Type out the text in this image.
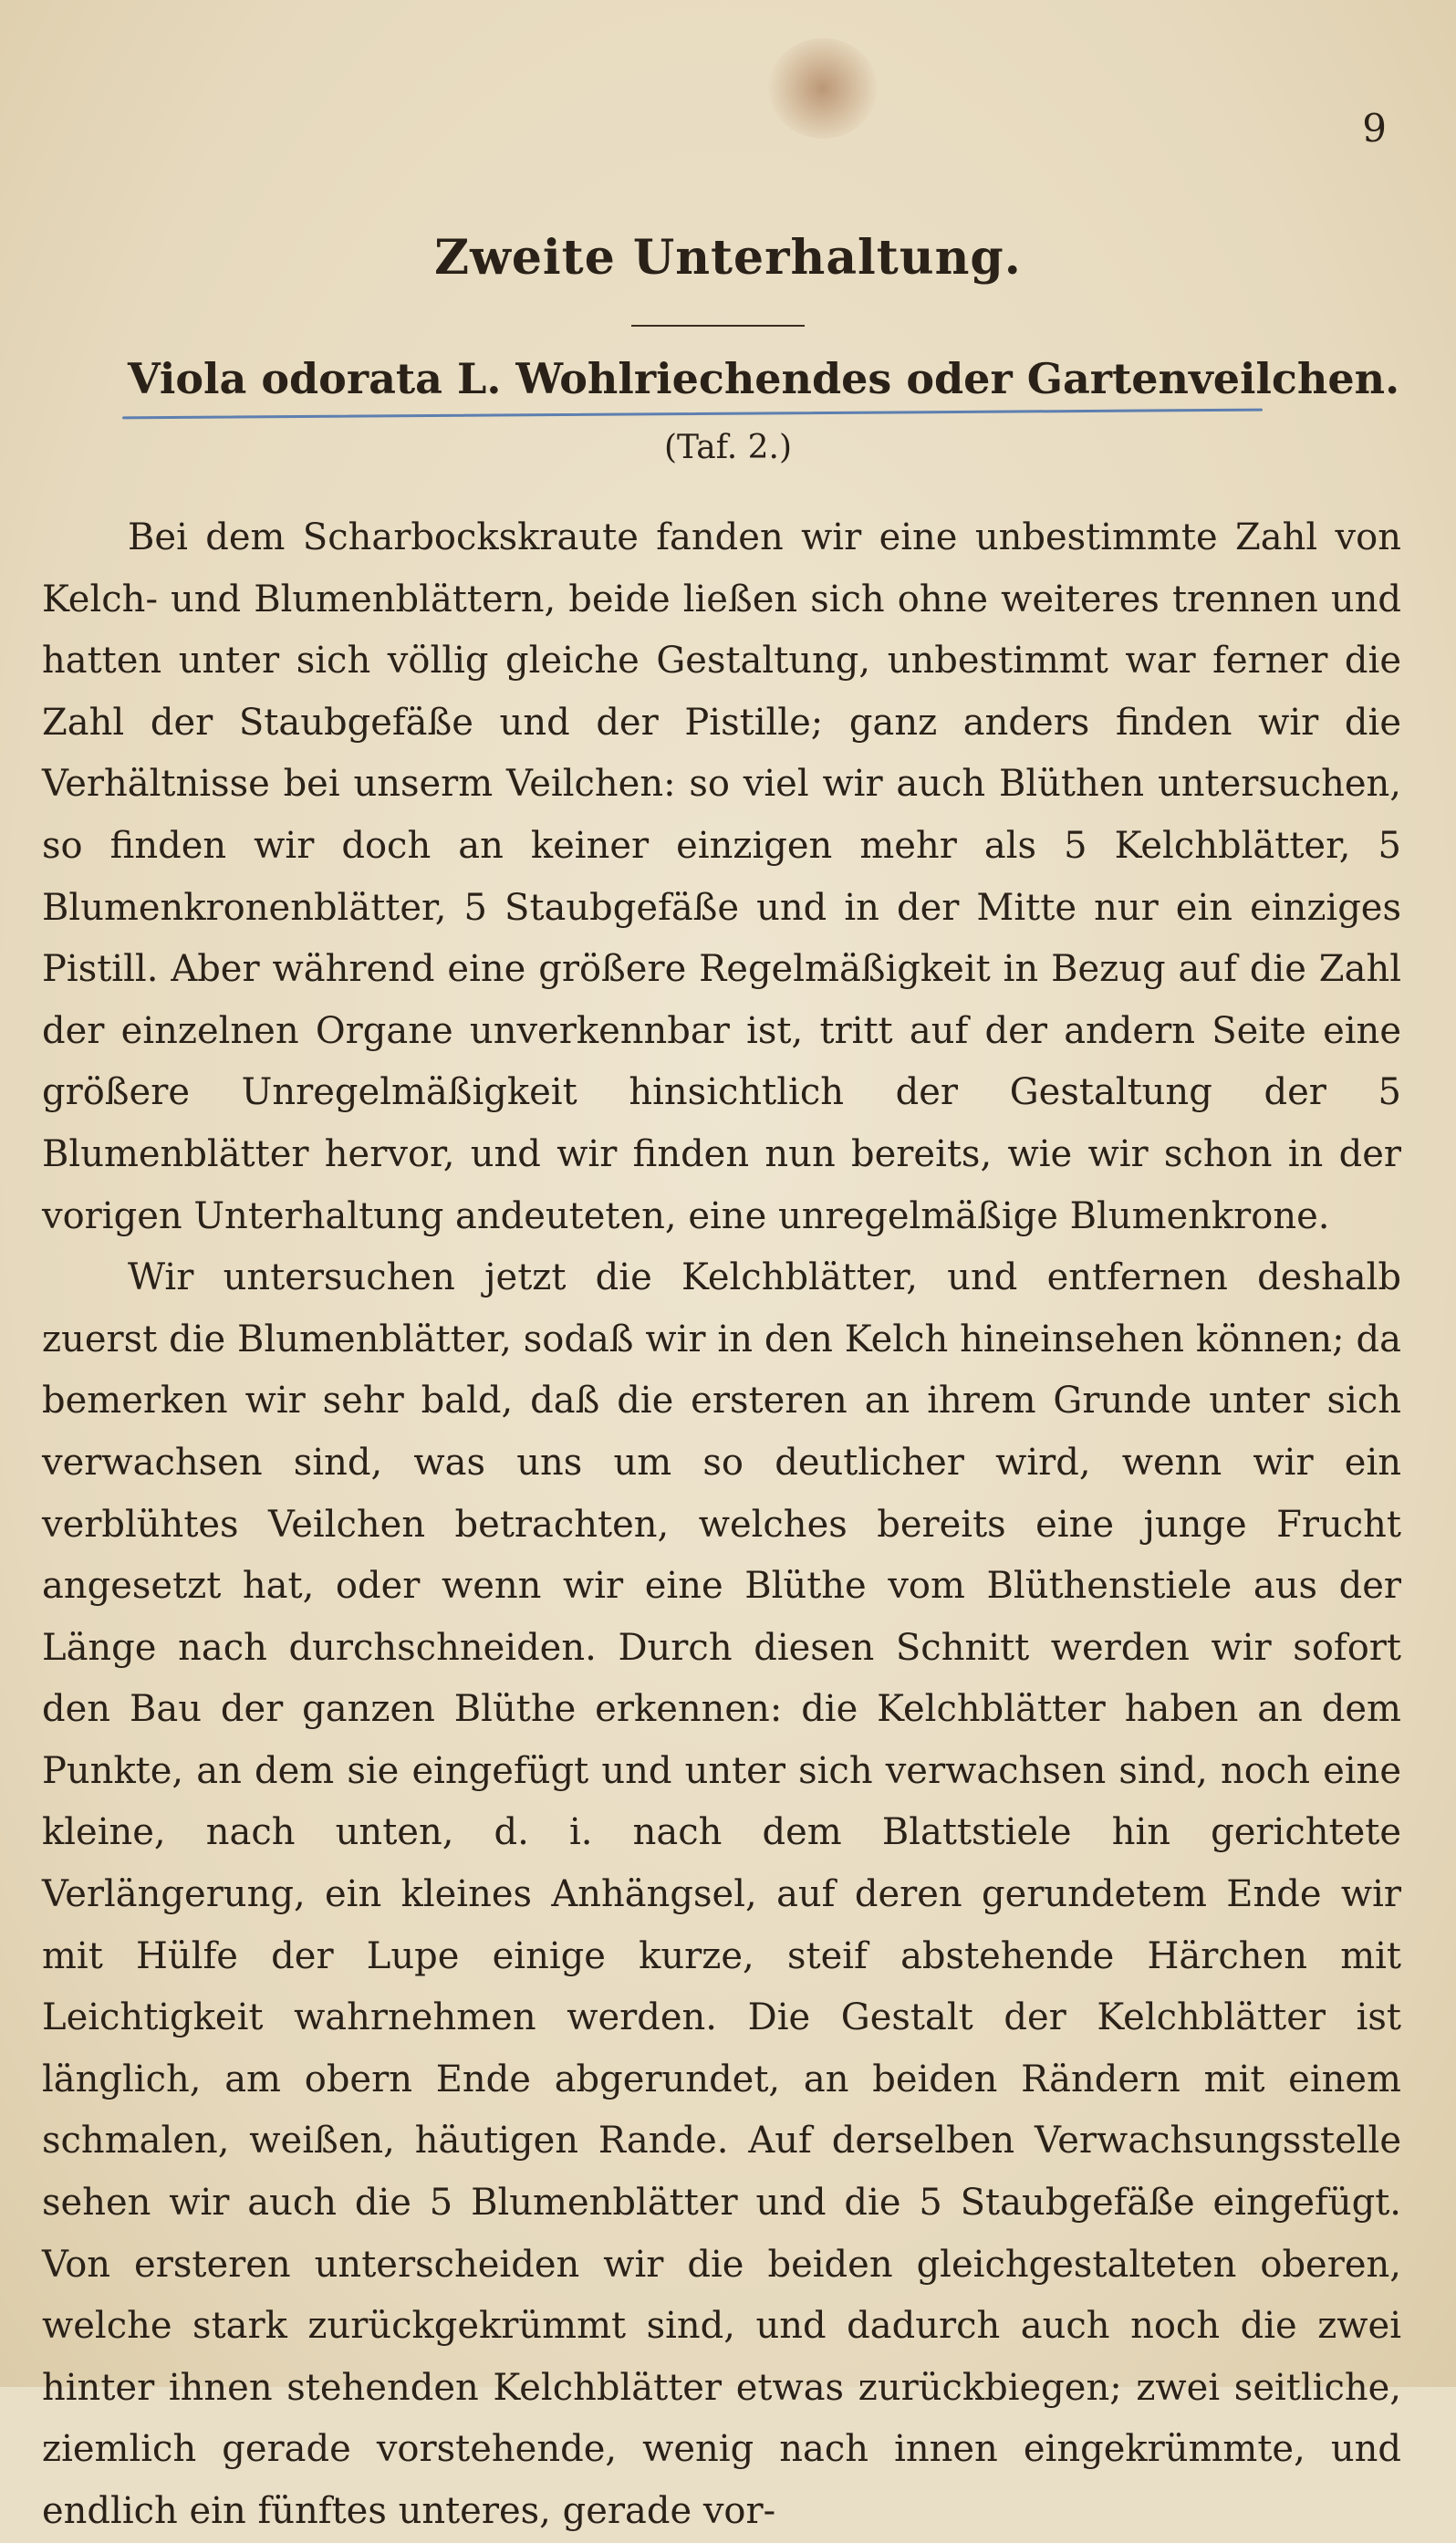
9
Zweite Unterhaltung.
Viola odorata L. Wohlriechendes oder Gartenveilchen.
(Taf. 2.)

Bei dem Scharbockskraute fanden wir eine unbestimmte Zahl von Kelch- und Blumenblättern, beide ließen sich ohne weiteres trennen und hatten unter sich völlig gleiche Gestaltung, unbestimmt war ferner die Zahl der Staubgefäße und der Pistille; ganz anders finden wir die Verhältnisse bei unserm Veilchen: so viel wir auch Blüthen untersuchen, so finden wir doch an keiner einzigen mehr als 5 Kelchblätter, 5 Blumenkronenblätter, 5 Staubgefäße und in der Mitte nur ein einziges Pistill. Aber während eine größere Regelmäßigkeit in Bezug auf die Zahl der einzelnen Organe unverkennbar ist, tritt auf der andern Seite eine größere Unregelmäßigkeit hinsichtlich der Gestaltung der 5 Blumenblätter hervor, und wir finden nun bereits, wie wir schon in der vorigen Unterhaltung andeuteten, eine unregelmäßige Blumenkrone.

Wir untersuchen jetzt die Kelchblätter, und entfernen deshalb zuerst die Blumenblätter, sodaß wir in den Kelch hineinsehen können; da bemerken wir sehr bald, daß die ersteren an ihrem Grunde unter sich verwachsen sind, was uns um so deutlicher wird, wenn wir ein verblühtes Veilchen betrachten, welches bereits eine junge Frucht angesetzt hat, oder wenn wir eine Blüthe vom Blüthenstiele aus der Länge nach durchschneiden. Durch diesen Schnitt werden wir sofort den Bau der ganzen Blüthe erkennen: die Kelchblätter haben an dem Punkte, an dem sie eingefügt und unter sich verwachsen sind, noch eine kleine, nach unten, d. i. nach dem Blattstiele hin gerichtete Verlängerung, ein kleines Anhängsel, auf deren gerundetem Ende wir mit Hülfe der Lupe einige kurze, steif abstehende Härchen mit Leichtigkeit wahrnehmen werden. Die Gestalt der Kelchblätter ist länglich, am obern Ende abgerundet, an beiden Rändern mit einem schmalen, weißen, häutigen Rande. Auf derselben Verwachsungsstelle sehen wir auch die 5 Blumenblätter und die 5 Staubgefäße eingefügt. Von ersteren unterscheiden wir die beiden gleichgestalteten oberen, welche stark zurückgekrümmt sind, und dadurch auch noch die zwei hinter ihnen stehenden Kelchblätter etwas zurückbiegen; zwei seitliche, ziemlich gerade vorstehende, wenig nach innen eingekrümmte, und endlich ein fünftes unteres, gerade vor-
